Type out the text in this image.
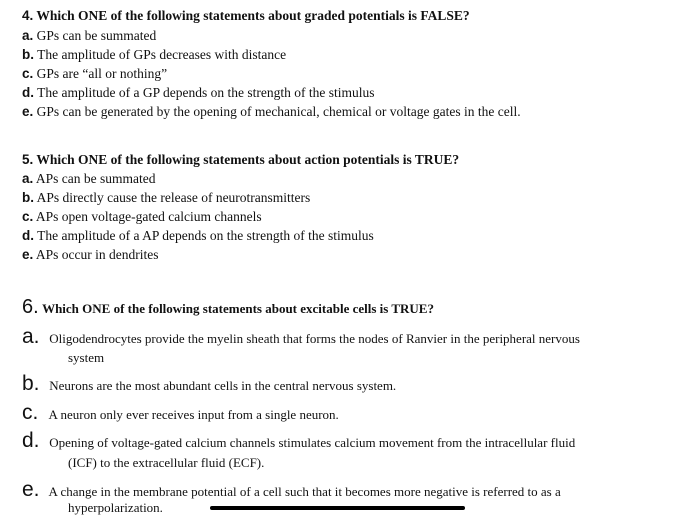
4. Which ONE of the following statements about graded potentials is FALSE?
a. GPs can be summated
b. The amplitude of GPs decreases with distance
c. GPs are “all or nothing”
d. The amplitude of a GP depends on the strength of the stimulus
e. GPs can be generated by the opening of mechanical, chemical or voltage gates in the cell.
5. Which ONE of the following statements about action potentials is TRUE?
a. APs can be summated
b. APs directly cause the release of neurotransmitters
c. APs open voltage-gated calcium channels
d. The amplitude of a AP depends on the strength of the stimulus
e. APs occur in dendrites
6. Which ONE of the following statements about excitable cells is TRUE?
a. Oligodendrocytes provide the myelin sheath that forms the nodes of Ranvier in the peripheral nervous
system
b. Neurons are the most abundant cells in the central nervous system.
c. A neuron only ever receives input from a single neuron.
d. Opening of voltage-gated calcium channels stimulates calcium movement from the intracellular fluid
(ICF) to the extracellular fluid (ECF).
e. A change in the membrane potential of a cell such that it becomes more negative is referred to as a
hyperpolarization.
